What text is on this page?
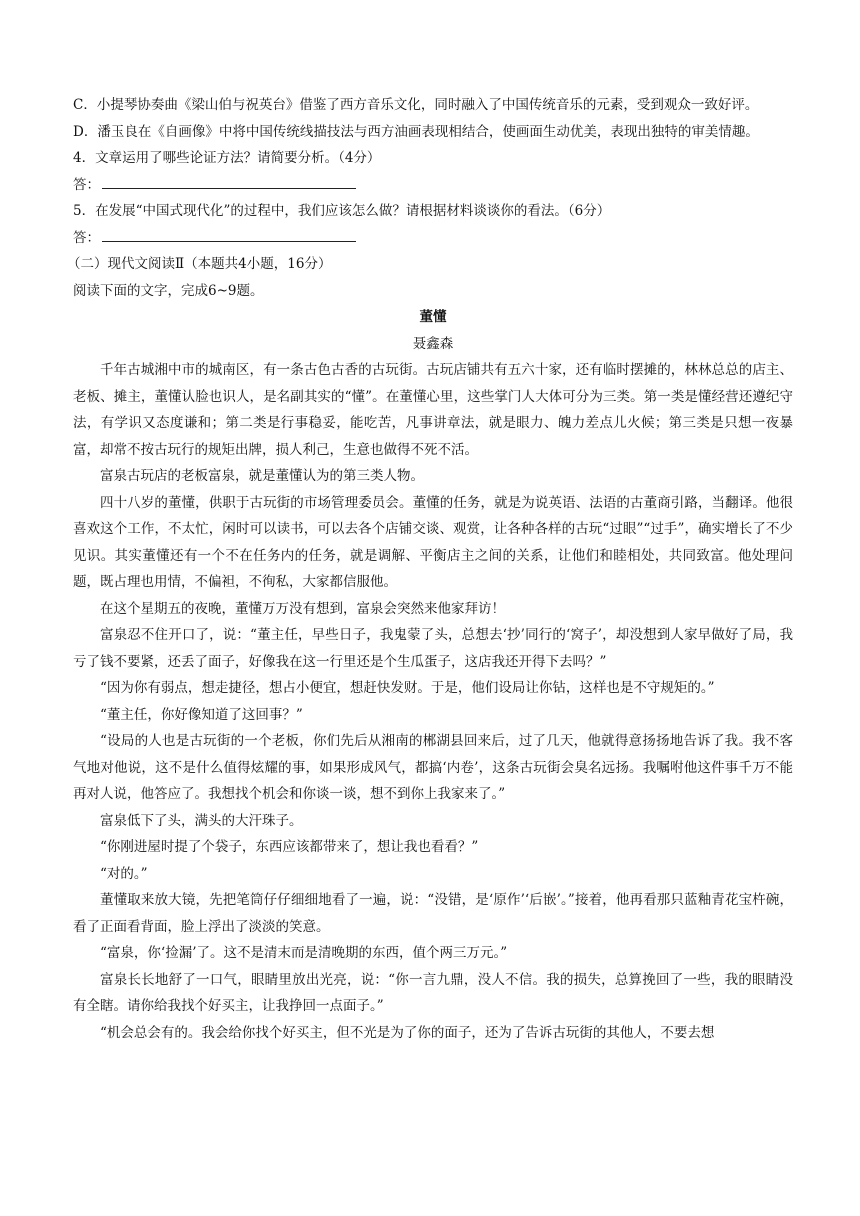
C．小提琴协奏曲《梁山伯与祝英台》借鉴了西方音乐文化，同时融入了中国传统音乐的元素，受到观众一致好评。

D．潘玉良在《自画像》中将中国传统线描技法与西方油画表现相结合，使画面生动优美，表现出独特的审美情趣。

4．文章运用了哪些论证方法？请简要分析。（4分）

答：

5．在发展“中国式现代化”的过程中，我们应该怎么做？请根据材料谈谈你的看法。（6分）

答：

（二）现代文阅读Ⅱ（本题共4小题，16分）

阅读下面的文字，完成6~9题。

董懂

聂鑫森

千年古城湘中市的城南区，有一条古色古香的古玩街。古玩店铺共有五六十家，还有临时摆摊的，林林总总的店主、老板、摊主，董懂认脸也识人，是名副其实的“懂”。在董懂心里，这些掌门人大体可分为三类。第一类是懂经营还遵纪守法，有学识又态度谦和；第二类是行事稳妥，能吃苦，凡事讲章法，就是眼力、魄力差点儿火候；第三类是只想一夜暴富，却常不按古玩行的规矩出牌，损人利己，生意也做得不死不活。

富泉古玩店的老板富泉，就是董懂认为的第三类人物。

四十八岁的董懂，供职于古玩街的市场管理委员会。董懂的任务，就是为说英语、法语的古董商引路，当翻译。他很喜欢这个工作，不太忙，闲时可以读书，可以去各个店铺交谈、观赏，让各种各样的古玩“过眼”“过手”，确实增长了不少见识。其实董懂还有一个不在任务内的任务，就是调解、平衡店主之间的关系，让他们和睦相处，共同致富。他处理问题，既占理也用情，不偏袒，不徇私，大家都信服他。

在这个星期五的夜晚，董懂万万没有想到，富泉会突然来他家拜访！

富泉忍不住开口了，说：“董主任，早些日子，我鬼蒙了头，总想去‘抄’同行的‘窝子’，却没想到人家早做好了局，我亏了钱不要紧，还丢了面子，好像我在这一行里还是个生瓜蛋子，这店我还开得下去吗？”

“因为你有弱点，想走捷径，想占小便宜，想赶快发财。于是，他们设局让你钻，这样也是不守规矩的。”

“董主任，你好像知道了这回事？”

“设局的人也是古玩街的一个老板，你们先后从湘南的郴湖县回来后，过了几天，他就得意扬扬地告诉了我。我不客气地对他说，这不是什么值得炫耀的事，如果形成风气，都搞‘内卷’，这条古玩街会臭名远扬。我嘱咐他这件事千万不能再对人说，他答应了。我想找个机会和你谈一谈，想不到你上我家来了。”

富泉低下了头，满头的大汗珠子。

“你刚进屋时提了个袋子，东西应该都带来了，想让我也看看？”

“对的。”

董懂取来放大镜，先把笔筒仔仔细细地看了一遍，说：“没错，是‘原作’‘后嵌’。”接着，他再看那只蓝釉青花宝杵碗，看了正面看背面，脸上浮出了淡淡的笑意。

“富泉，你‘捡漏’了。这不是清末而是清晚期的东西，值个两三万元。”

富泉长长地舒了一口气，眼睛里放出光亮，说：“你一言九鼎，没人不信。我的损失，总算挽回了一些，我的眼睛没有全瞎。请你给我找个好买主，让我挣回一点面子。”

“机会总会有的。我会给你找个好买主，但不光是为了你的面子，还为了告诉古玩街的其他人，不要去想
